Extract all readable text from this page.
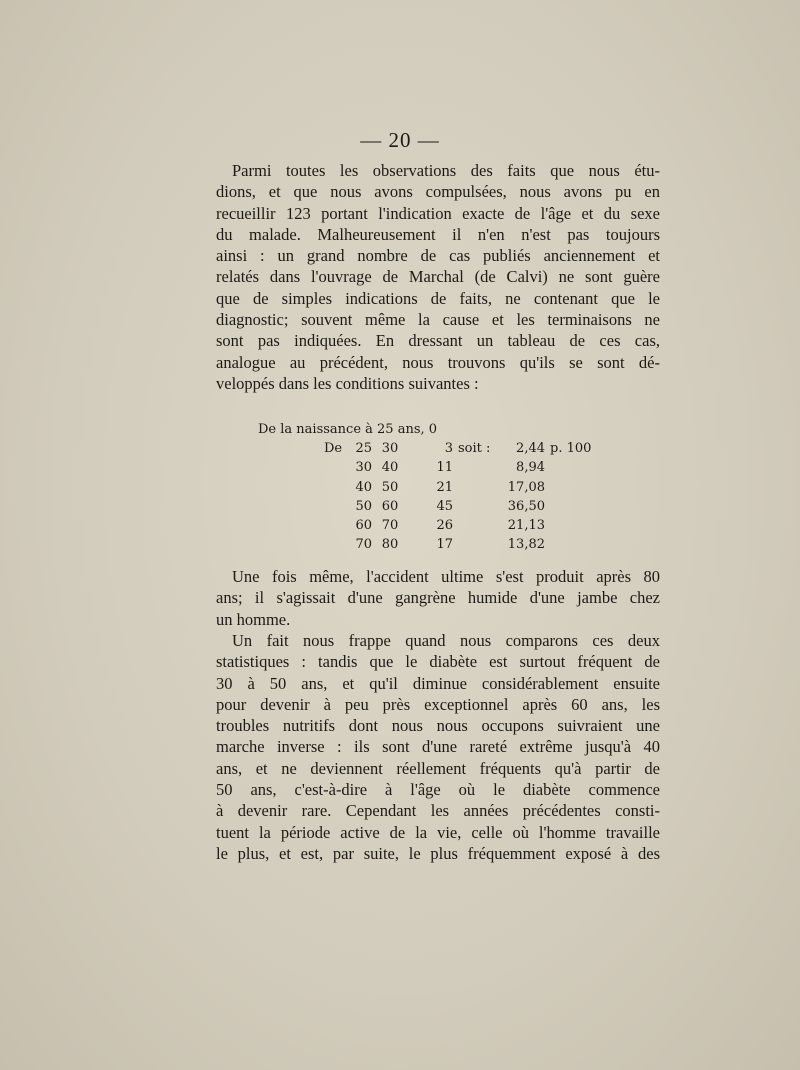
— 20 —

Parmi toutes les observations des faits que nous étu-

dions, et que nous avons compulsées, nous avons pu en

recueillir 123 portant l'indication exacte de l'âge et du sexe

du malade. Malheureusement il n'en n'est pas toujours

ainsi : un grand nombre de cas publiés anciennement et

relatés dans l'ouvrage de Marchal (de Calvi) ne sont guère

que de simples indications de faits, ne contenant que le

diagnostic; souvent même la cause et les terminaisons ne

sont pas indiquées. En dressant un tableau de ces cas,

analogue au précédent, nous trouvons qu'ils se sont dé-

veloppés dans les conditions suivantes :

De la naissance à 25 ans, 0
De	25 30	3 soit :	2,44 p. 100
30 40	11	8,94
40 50	21	17,08
50 60	45	36,50
60 70	26	21,13
70 80	17	13,82

Une fois même, l'accident ultime s'est produit après 80

ans; il s'agissait d'une gangrène humide d'une jambe chez

un homme.

Un fait nous frappe quand nous comparons ces deux

statistiques : tandis que le diabète est surtout fréquent de

30 à 50 ans, et qu'il diminue considérablement ensuite

pour devenir à peu près exceptionnel après 60 ans, les

troubles nutritifs dont nous nous occupons suivraient une

marche inverse : ils sont d'une rareté extrême jusqu'à 40

ans, et ne deviennent réellement fréquents qu'à partir de

50 ans, c'est-à-dire à l'âge où le diabète commence

à devenir rare. Cependant les années précédentes consti-

tuent la période active de la vie, celle où l'homme travaille

le plus, et est, par suite, le plus fréquemment exposé à des
